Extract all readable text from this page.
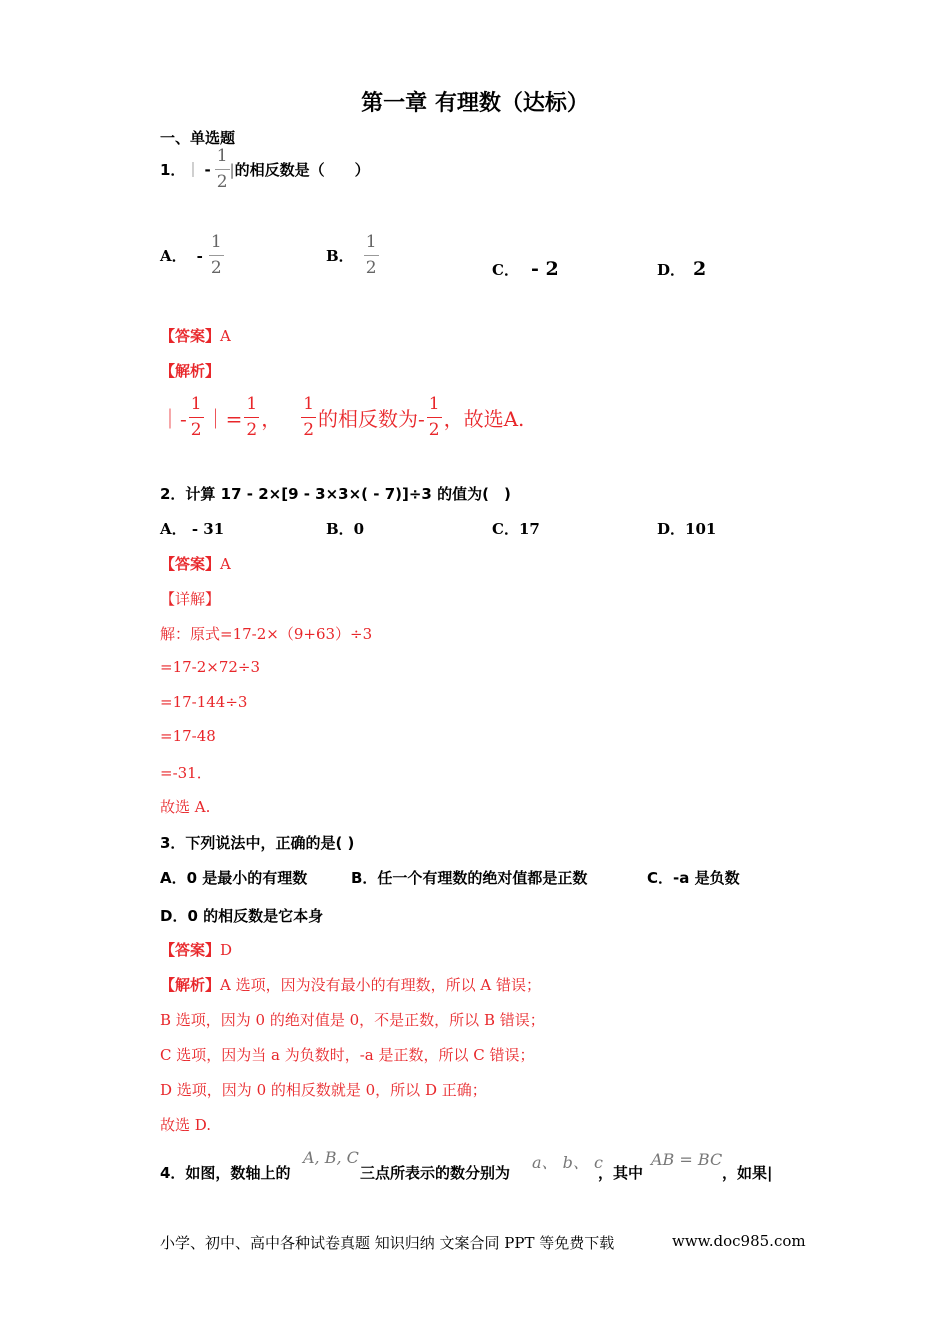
第一章 有理数（达标）
一、单选题
1． ｜ - $\frac{1}{2}$ | 的相反数是（　　）
A． - $\frac{1}{2}$	B． $\frac{1}{2}$	C． - 2	D． 2
【答案】A
【解析】
｜- $\frac{1}{2}$ ｜= $\frac{1}{2}$ ， $\frac{1}{2}$ 的相反数为- $\frac{1}{2}$ ，故选A.
2．计算 17 - 2×[9 - 3×3×( - 7)]÷3 的值为(　)
A． - 31	B．0	C．17	D．101
【答案】A
【详解】
解：原式=17-2×（9+63）÷3
=17-2×72÷3
=17-144÷3
=17-48
=-31．
故选 A.
3．下列说法中，正确的是( )
A．0 是最小的有理数	B．任一个有理数的绝对值都是正数	C．-a 是负数
D．0 的相反数是它本身
【答案】D
【解析】A 选项，因为没有最小的有理数，所以 A 错误；
B 选项，因为 0 的绝对值是 0，不是正数，所以 B 错误；
C 选项，因为当 a 为负数时，-a 是正数，所以 C 错误；
D 选项，因为 0 的相反数就是 0，所以 D 正确；
故选 D.
4．如图，数轴上的
A, B, C
三点所表示的数分别为
a、 b、 c
，其中
AB = BC
，如果|
小学、初中、高中各种试卷真题 知识归纳 文案合同 PPT 等免费下载	www.doc985.com
